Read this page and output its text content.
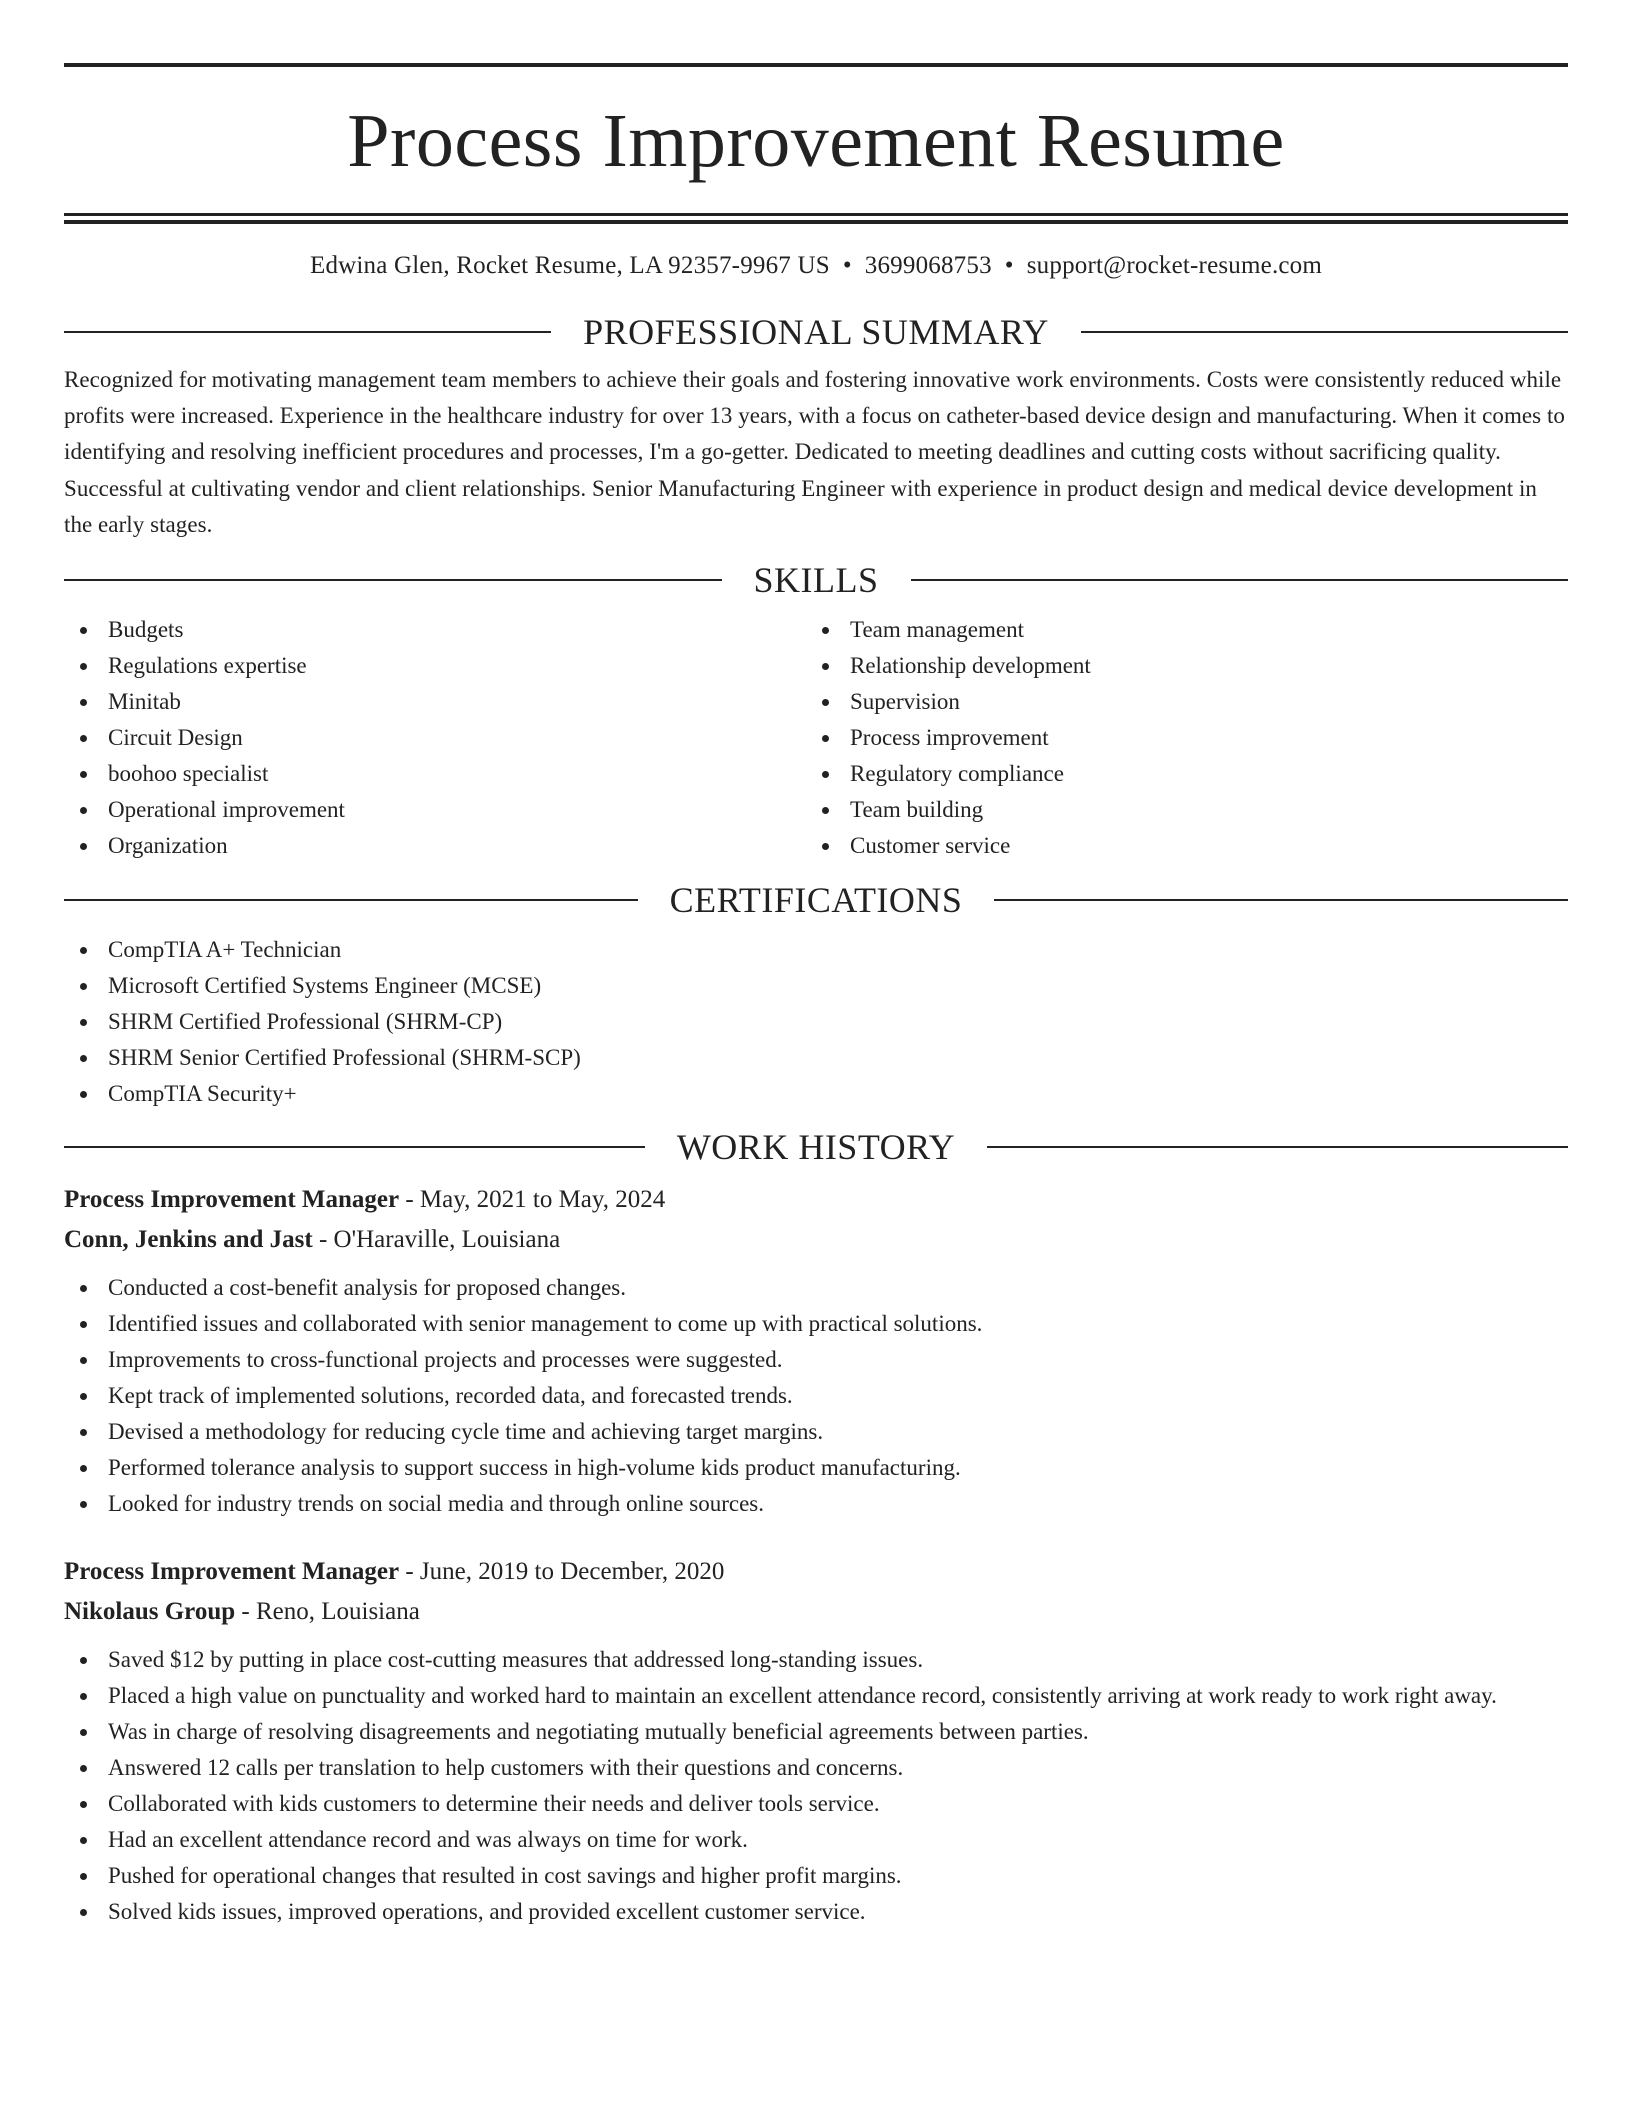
Process Improvement Resume
Edwina Glen, Rocket Resume, LA 92357-9967 US • 3699068753 • support@rocket-resume.com
PROFESSIONAL SUMMARY

Recognized for motivating management team members to achieve their goals and fostering innovative work environments. Costs were consistently reduced while profits were increased. Experience in the healthcare industry for over 13 years, with a focus on catheter-based device design and manufacturing. When it comes to identifying and resolving inefficient procedures and processes, I'm a go-getter. Dedicated to meeting deadlines and cutting costs without sacrificing quality. Successful at cultivating vendor and client relationships. Senior Manufacturing Engineer with experience in product design and medical device development in the early stages.

SKILLS
Budgets
Regulations expertise
Minitab
Circuit Design
boohoo specialist
Operational improvement
Organization
Team management
Relationship development
Supervision
Process improvement
Regulatory compliance
Team building
Customer service
CERTIFICATIONS
CompTIA A+ Technician
Microsoft Certified Systems Engineer (MCSE)
SHRM Certified Professional (SHRM-CP)
SHRM Senior Certified Professional (SHRM-SCP)
CompTIA Security+
WORK HISTORY
Process Improvement Manager - May, 2021 to May, 2024
Conn, Jenkins and Jast - O'Haraville, Louisiana
Conducted a cost-benefit analysis for proposed changes.
Identified issues and collaborated with senior management to come up with practical solutions.
Improvements to cross-functional projects and processes were suggested.
Kept track of implemented solutions, recorded data, and forecasted trends.
Devised a methodology for reducing cycle time and achieving target margins.
Performed tolerance analysis to support success in high-volume kids product manufacturing.
Looked for industry trends on social media and through online sources.
Process Improvement Manager - June, 2019 to December, 2020
Nikolaus Group - Reno, Louisiana
Saved $12 by putting in place cost-cutting measures that addressed long-standing issues.
Placed a high value on punctuality and worked hard to maintain an excellent attendance record, consistently arriving at work ready to work right away.
Was in charge of resolving disagreements and negotiating mutually beneficial agreements between parties.
Answered 12 calls per translation to help customers with their questions and concerns.
Collaborated with kids customers to determine their needs and deliver tools service.
Had an excellent attendance record and was always on time for work.
Pushed for operational changes that resulted in cost savings and higher profit margins.
Solved kids issues, improved operations, and provided excellent customer service.
